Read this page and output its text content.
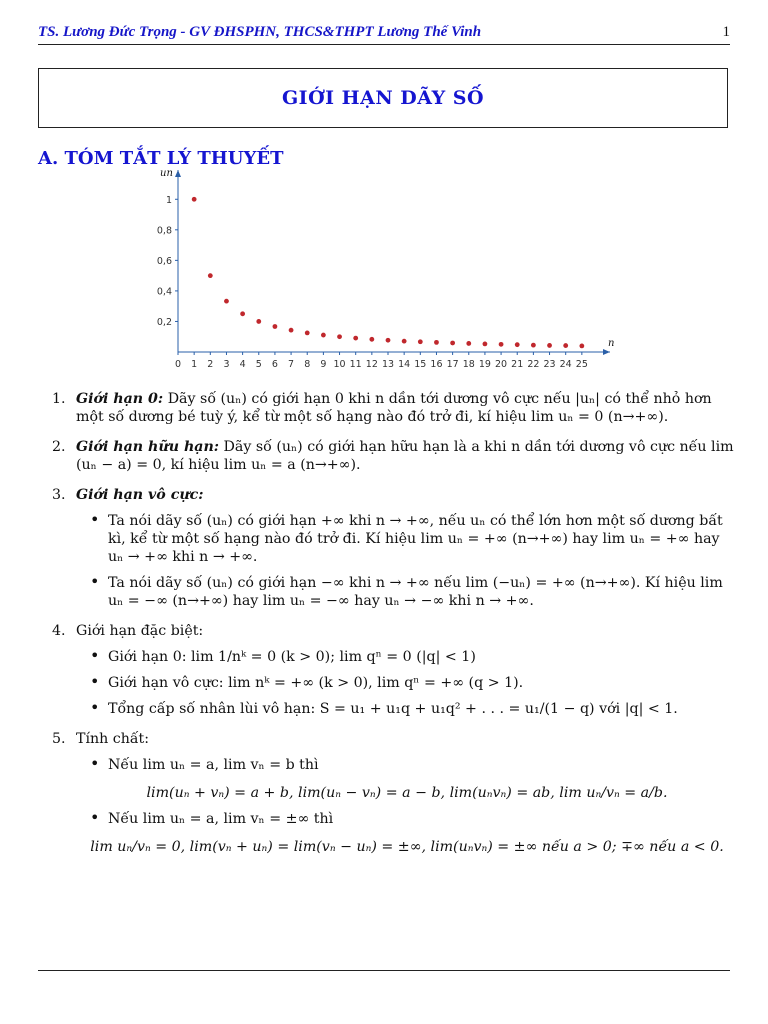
TS. Lương Đức Trọng - GV ĐHSPHN, THCS&THPT Lương Thế Vinh	1
GIỚI HẠN DÃY SỐ
A. TÓM TẮT LÝ THUYẾT
un
n
0 1 2 3 4 5 6 7 8 9 10 11 12 13 14 15 16 17 18 19 20 21 22 23 24 25
0,2
0,4
0,6
0,8
1
1. Giới hạn 0: Dãy số (uₙ) có giới hạn 0 khi n dần tới dương vô cực nếu |uₙ| có thể nhỏ hơn một số dương bé tuỳ ý, kể từ một số hạng nào đó trở đi, kí hiệu lim uₙ = 0 (n→+∞).
2. Giới hạn hữu hạn: Dãy số (uₙ) có giới hạn hữu hạn là a khi n dần tới dương vô cực nếu lim (uₙ − a) = 0, kí hiệu lim uₙ = a (n→+∞).
3. Giới hạn vô cực:
• Ta nói dãy số (uₙ) có giới hạn +∞ khi n → +∞, nếu uₙ có thể lớn hơn một số dương bất kì, kể từ một số hạng nào đó trở đi. Kí hiệu lim uₙ = +∞ (n→+∞) hay lim uₙ = +∞ hay uₙ → +∞ khi n → +∞.
• Ta nói dãy số (uₙ) có giới hạn −∞ khi n → +∞ nếu lim (−uₙ) = +∞ (n→+∞). Kí hiệu lim uₙ = −∞ (n→+∞) hay lim uₙ = −∞ hay uₙ → −∞ khi n → +∞.
4. Giới hạn đặc biệt:
• Giới hạn 0: lim 1/nᵏ = 0 (k > 0); lim qⁿ = 0 (|q| < 1)
• Giới hạn vô cực: lim nᵏ = +∞ (k > 0), lim qⁿ = +∞ (q > 1).
• Tổng cấp số nhân lùi vô hạn: S = u₁ + u₁q + u₁q² + . . . = u₁/(1 − q) với |q| < 1.
5. Tính chất:
• Nếu lim uₙ = a, lim vₙ = b thì
lim(uₙ + vₙ) = a + b, lim(uₙ − vₙ) = a − b, lim(uₙvₙ) = ab, lim uₙ/vₙ = a/b.
• Nếu lim uₙ = a, lim vₙ = ±∞ thì
lim uₙ/vₙ = 0, lim(vₙ + uₙ) = lim(vₙ − uₙ) = ±∞, lim(uₙvₙ) = ±∞ nếu a > 0; ∓∞ nếu a < 0.
